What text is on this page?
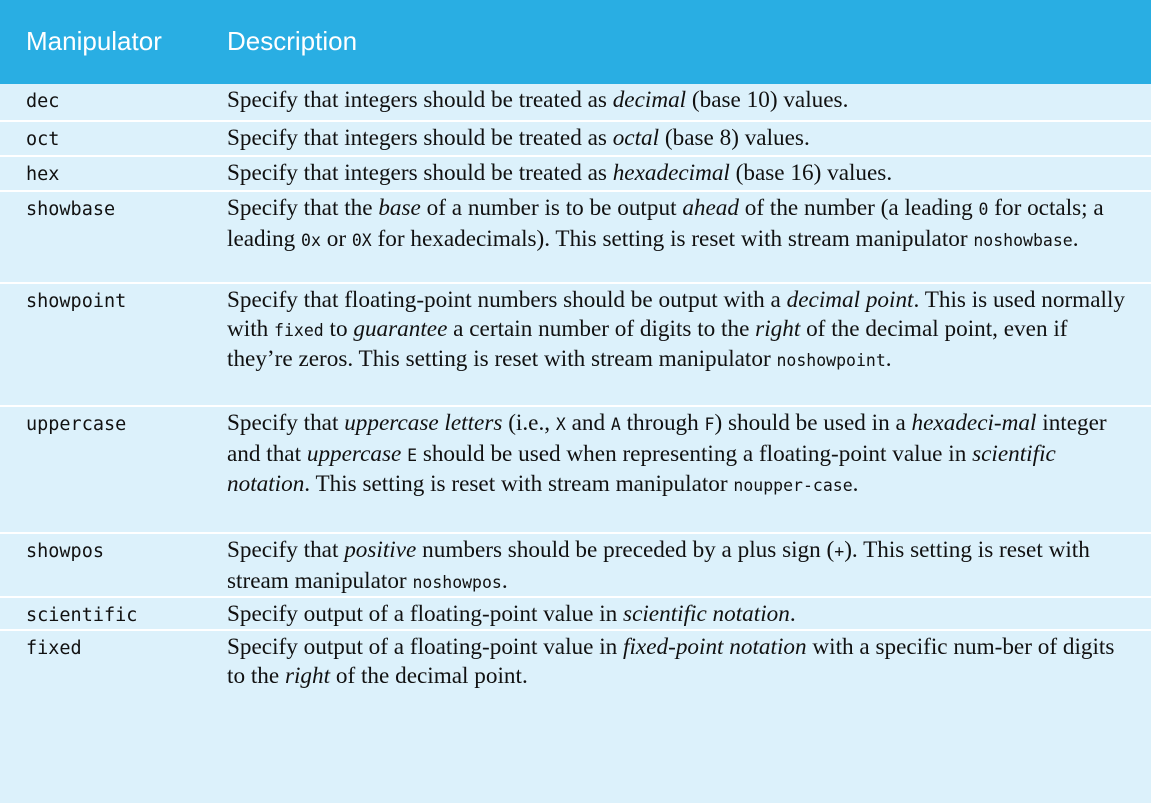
Manipulator	Description
dec	Specify that integers should be treated as decimal (base 10) values.
oct	Specify that integers should be treated as octal (base 8) values.
hex	Specify that integers should be treated as hexadecimal (base 16) values.
showbase	Specify that the base of a number is to be output ahead of the number (a leading 0 for octals; a leading 0x or 0X for hexadecimals). This setting is reset with stream manipulator noshowbase.
showpoint	Specify that floating-point numbers should be output with a decimal point. This is used normally with fixed to guarantee a certain number of digits to the right of the decimal point, even if they’re zeros. This setting is reset with stream manipulator noshowpoint.
uppercase	Specify that uppercase letters (i.e., X and A through F) should be used in a hexadeci-mal integer and that uppercase E should be used when representing a floating-point value in scientific notation. This setting is reset with stream manipulator noupper-case.
showpos	Specify that positive numbers should be preceded by a plus sign (+). This setting is reset with stream manipulator noshowpos.
scientific	Specify output of a floating-point value in scientific notation.
fixed	Specify output of a floating-point value in fixed-point notation with a specific num-ber of digits to the right of the decimal point.
